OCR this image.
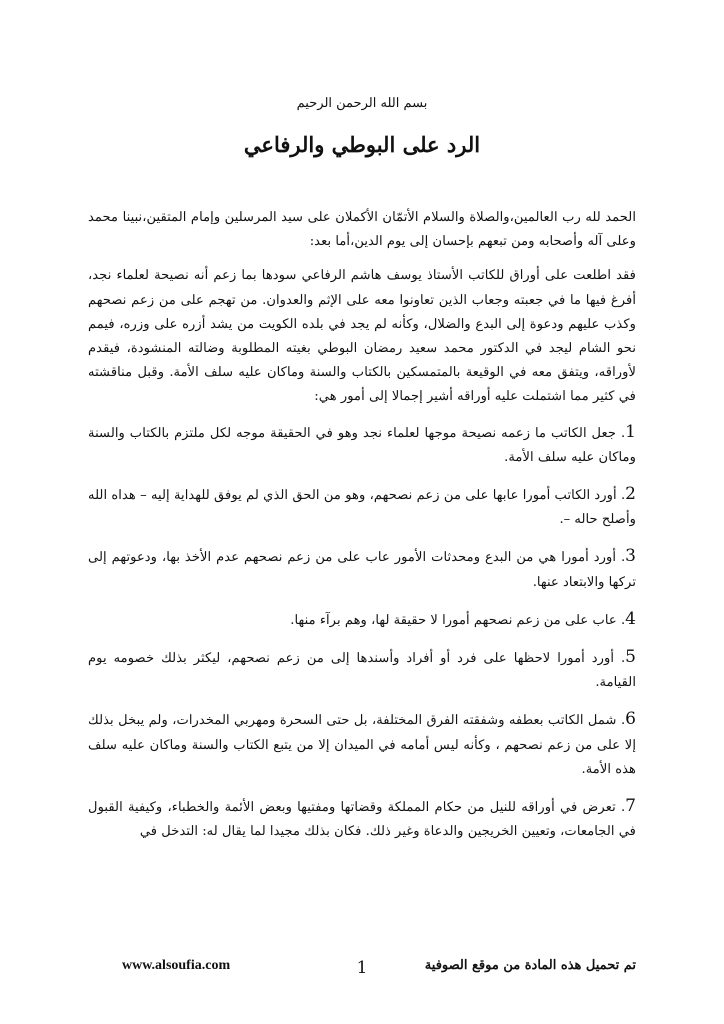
بسم الله الرحمن الرحيم
الرد على البوطي والرفاعي

الحمد لله رب العالمين،والصلاة والسلام الأتمّان الأكملان على سيد المرسلين وإمام المتقين،نبينا محمد وعلى آله وأصحابه ومن تبعهم بإحسان إلى يوم الدين،أما بعد:

فقد اطلعت على أوراق للكاتب الأستاذ يوسف هاشم الرفاعي سودها بما زعم أنه نصيحة لعلماء نجد، أفرغ فيها ما في جعبته وجعاب الذين تعاونوا معه على الإثم والعدوان. من تهجم على من زعم نصحهم وكذب عليهم ودعوة إلى البدع والضلال، وكأنه لم يجد في بلده الكويت من يشد أزره على وزره، فيمم نحو الشام ليجد في الدكتور محمد سعيد رمضان البوطي بغيته المطلوبة وضالته المنشودة، فيقدم لأوراقه، ويتفق معه في الوقيعة بالمتمسكين بالكتاب والسنة وماكان عليه سلف الأمة. وقبل مناقشته في كثير مما اشتملت عليه أوراقه أشير إجمالا إلى أمور هي:

1. جعل الكاتب ما زعمه نصيحة موجها لعلماء نجد وهو في الحقيقة موجه لكل ملتزم بالكتاب والسنة وماكان عليه سلف الأمة.

2. أورد الكاتب أمورا عابها على من زعم نصحهم، وهو من الحق الذي لم يوفق للهداية إليه – هداه الله وأصلح حاله –.

3. أورد أمورا هي من البدع ومحدثات الأمور عاب على من زعم نصحهم عدم الأخذ بها، ودعوتهم إلى تركها والابتعاد عنها.

4. عاب على من زعم نصحهم أمورا لا حقيقة لها، وهم برآء منها.

5. أورد أمورا لاحظها على فرد أو أفراد وأسندها إلى من زعم نصحهم، ليكثر بذلك خصومه يوم القيامة.

6. شمل الكاتب بعطفه وشفقته الفرق المختلفة، بل حتى السحرة ومهربي المخدرات، ولم يبخل بذلك إلا على من زعم نصحهم ، وكأنه ليس أمامه في الميدان إلا من يتبع الكتاب والسنة وماكان عليه سلف هذه الأمة.

7. تعرض في أوراقه للنيل من حكام المملكة وقضاتها ومفتيها وبعض الأئمة والخطباء، وكيفية القبول في الجامعات، وتعيين الخريجين والدعاة وغير ذلك. فكان بذلك مجيدا لما يقال له: التدخل في

تم تحميل هذه المادة من موقع الصوفية
1
www.alsoufia.com
